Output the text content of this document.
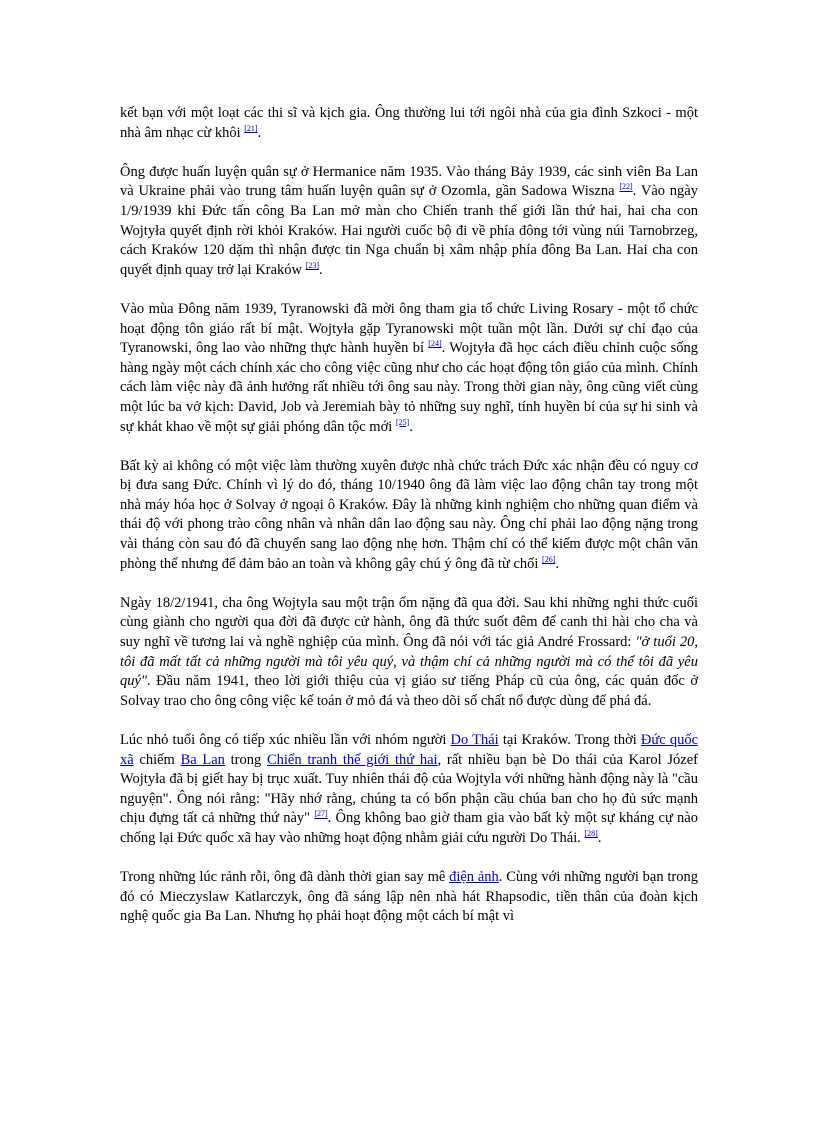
kết bạn với một loạt các thi sĩ và kịch gia. Ông thường lui tới ngôi nhà của gia đình Szkoci - một nhà âm nhạc cừ khôi [21].

Ông được huấn luyện quân sự ở Hermanice năm 1935. Vào tháng Bảy 1939, các sinh viên Ba Lan và Ukraine phải vào trung tâm huấn luyện quân sự ở Ozomla, gần Sadowa Wiszna [22]. Vào ngày 1/9/1939 khi Đức tấn công Ba Lan mở màn cho Chiến tranh thế giới lần thứ hai, hai cha con Wojtyła quyết định rời khỏi Kraków. Hai người cuốc bộ đi về phía đông tới vùng núi Tarnobrzeg, cách Kraków 120 dặm thì nhận được tin Nga chuẩn bị xâm nhập phía đông Ba Lan. Hai cha con quyết định quay trở lại Kraków [23].

Vào mùa Đông năm 1939, Tyranowski đã mời ông tham gia tổ chức Living Rosary - một tổ chức hoạt động tôn giáo rất bí mật. Wojtyła gặp Tyranowski một tuần một lần. Dưới sự chỉ đạo của Tyranowski, ông lao vào những thực hành huyền bí [24]. Wojtyła đã học cách điều chỉnh cuộc sống hàng ngày một cách chính xác cho công việc cũng như cho các hoạt động tôn giáo của mình. Chính cách làm việc này đã ảnh hưởng rất nhiều tới ông sau này. Trong thời gian này, ông cũng viết cùng một lúc ba vở kịch: David, Job và Jeremiah bày tỏ những suy nghĩ, tính huyền bí của sự hi sinh và sự khát khao về một sự giải phóng dân tộc mới [25].

Bất kỳ ai không có một việc làm thường xuyên được nhà chức trách Đức xác nhận đều có nguy cơ bị đưa sang Đức. Chính vì lý do đó, tháng 10/1940 ông đã làm việc lao động chân tay trong một nhà máy hóa học ở Solvay ở ngoại ô Kraków. Đây là những kinh nghiệm cho những quan điểm và thái độ với phong trào công nhân và nhân dân lao động sau này. Ông chỉ phải lao động nặng trong vài tháng còn sau đó đã chuyển sang lao động nhẹ hơn. Thậm chí có thể kiếm được một chân văn phòng thế nhưng để đảm bảo an toàn và không gây chú ý ông đã từ chối [26].

Ngày 18/2/1941, cha ông Wojtyla sau một trận ốm nặng đã qua đời. Sau khi những nghi thức cuối cùng giành cho người qua đời đã được cử hành, ông đã thức suốt đêm để canh thi hài cho cha và suy nghĩ về tương lai và nghề nghiệp của mình. Ông đã nói với tác giả André Frossard: "ở tuổi 20, tôi đã mất tất cả những người mà tôi yêu quý, và thậm chí cả những người mà có thể tôi đã yêu quý". Đầu năm 1941, theo lời giới thiệu của vị giáo sư tiếng Pháp cũ của ông, các quản đốc ở Solvay trao cho ông công việc kế toán ở mỏ đá và theo dõi số chất nổ được dùng để phá đá.

Lúc nhỏ tuổi ông có tiếp xúc nhiều lần với nhóm người Do Thái tại Kraków. Trong thời Đức quốc xã chiếm Ba Lan trong Chiến tranh thế giới thứ hai, rất nhiều bạn bè Do thái của Karol Józef Wojtyła đã bị giết hay bị trục xuất. Tuy nhiên thái độ của Wojtyla với những hành động này là "cầu nguyện". Ông nói rằng: "Hãy nhớ rằng, chúng ta có bổn phận cầu chúa ban cho họ đủ sức mạnh chịu đựng tất cả những thứ này" [27]. Ông không bao giờ tham gia vào bất kỳ một sự kháng cự nào chống lại Đức quốc xã hay vào những hoạt động nhằm giải cứu người Do Thái. [28].

Trong những lúc rảnh rỗi, ông đã dành thời gian say mê điện ảnh. Cùng với những người bạn trong đó có Mieczyslaw Katlarczyk, ông đã sáng lập nên nhà hát Rhapsodic, tiền thân của đoàn kịch nghệ quốc gia Ba Lan. Nhưng họ phải hoạt động một cách bí mật vì
